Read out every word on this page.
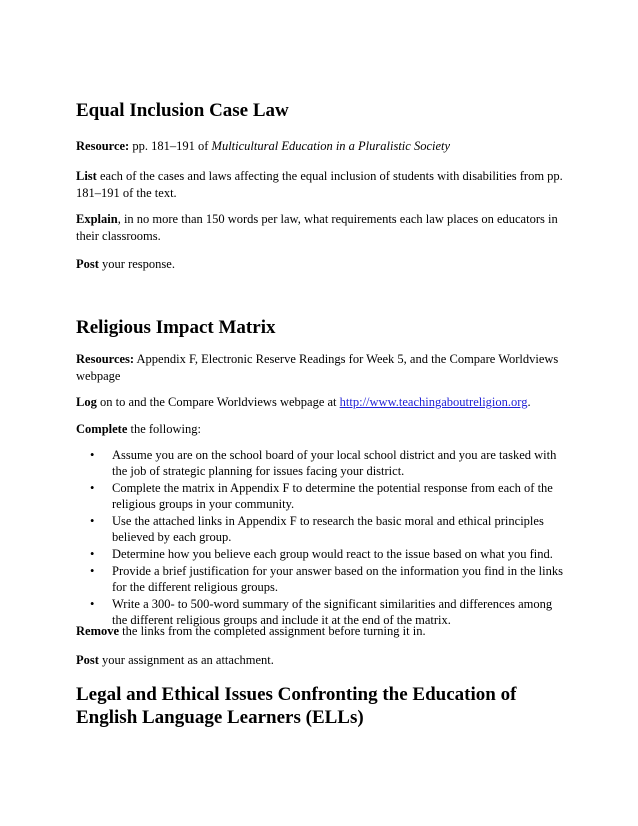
Equal Inclusion Case Law

Resource: pp. 181–191 of Multicultural Education in a Pluralistic Society

List each of the cases and laws affecting the equal inclusion of students with disabilities from pp. 181–191 of the text.

Explain, in no more than 150 words per law, what requirements each law places on educators in their classrooms.

Post your response.

Religious Impact Matrix

Resources: Appendix F, Electronic Reserve Readings for Week 5, and the Compare Worldviews webpage

Log on to and the Compare Worldviews webpage at http://www.teachingaboutreligion.org.

Complete the following:

• Assume you are on the school board of your local school district and you are tasked with the job of strategic planning for issues facing your district.
• Complete the matrix in Appendix F to determine the potential response from each of the religious groups in your community.
• Use the attached links in Appendix F to research the basic moral and ethical principles believed by each group.
• Determine how you believe each group would react to the issue based on what you find.
• Provide a brief justification for your answer based on the information you find in the links for the different religious groups.
• Write a 300- to 500-word summary of the significant similarities and differences among the different religious groups and include it at the end of the matrix.

Remove the links from the completed assignment before turning it in.

Post your assignment as an attachment.

Legal and Ethical Issues Confronting the Education of
English Language Learners (ELLs)
